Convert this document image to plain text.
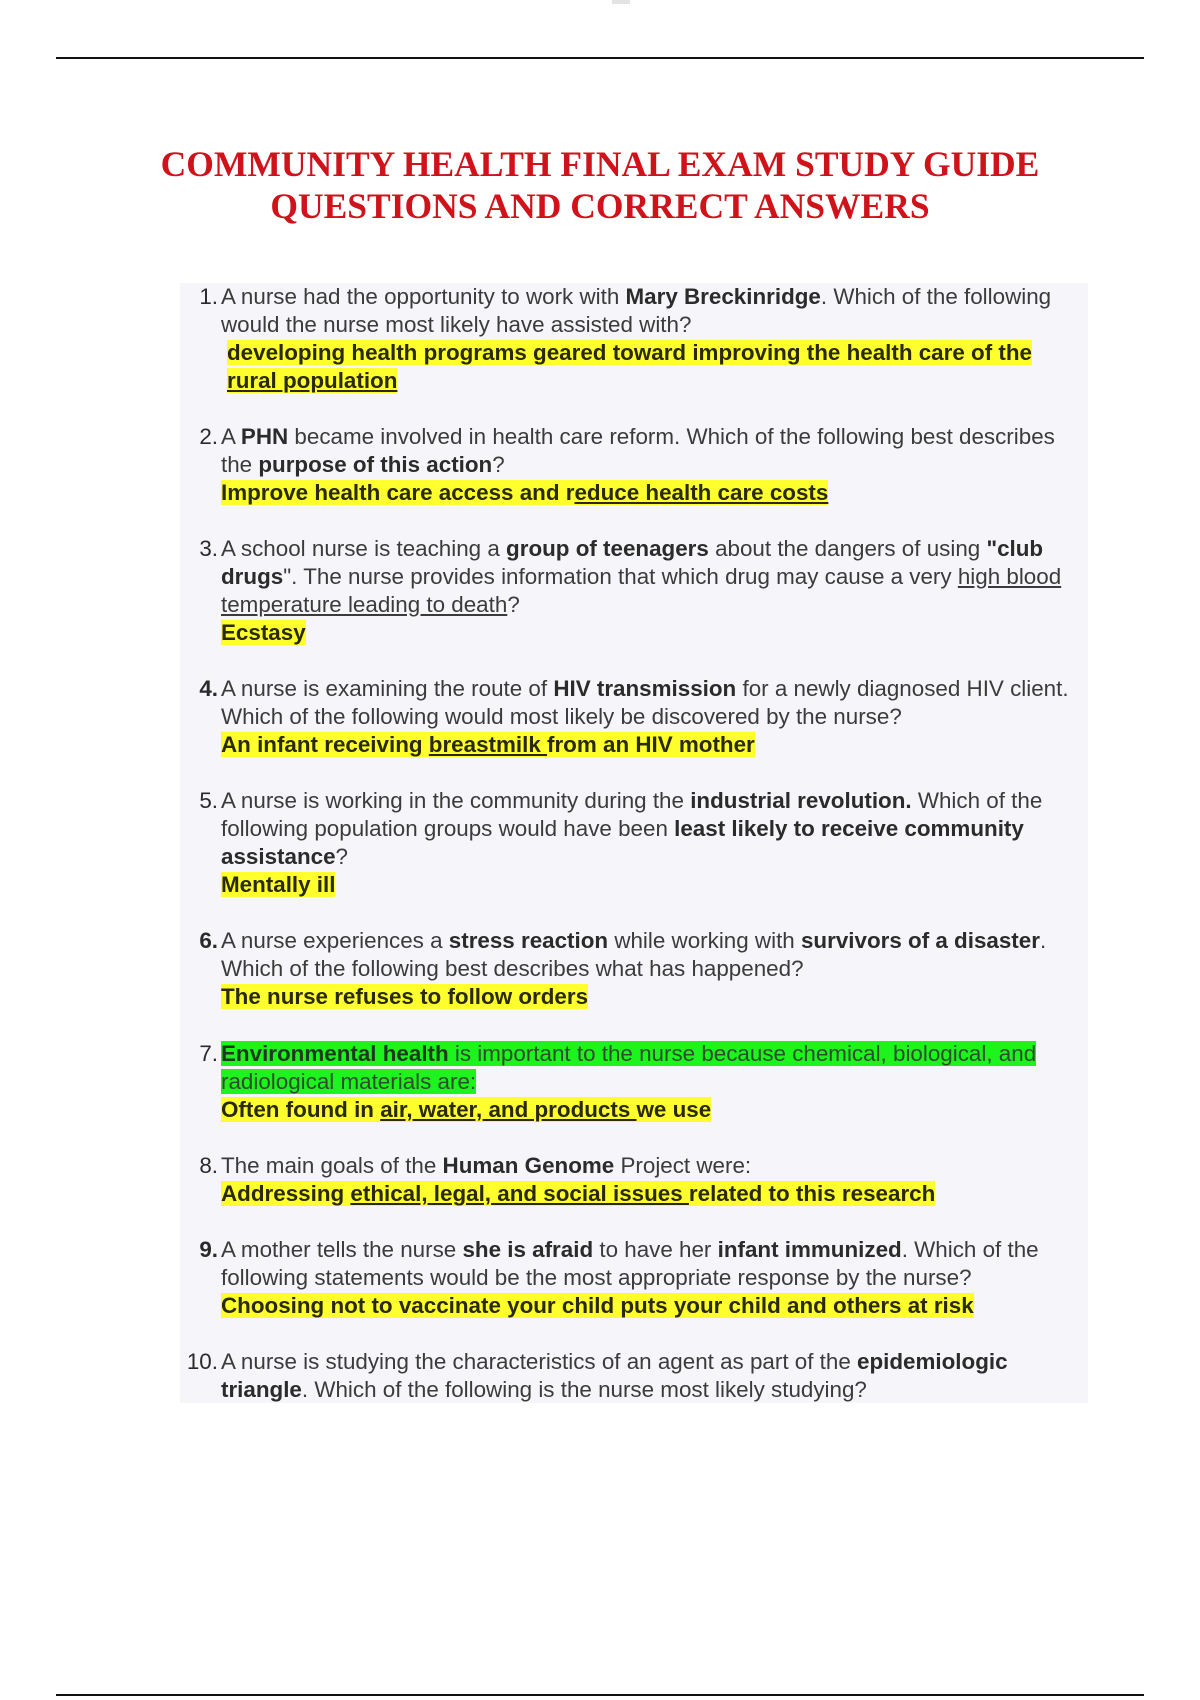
COMMUNITY HEALTH FINAL EXAM STUDY GUIDE
QUESTIONS AND CORRECT ANSWERS
1. A nurse had the opportunity to work with Mary Breckinridge. Which of the following would the nurse most likely have assisted with?
developing health programs geared toward improving the health care of the rural population
2. A PHN became involved in health care reform. Which of the following best describes the purpose of this action?
Improve health care access and reduce health care costs
3. A school nurse is teaching a group of teenagers about the dangers of using "club drugs". The nurse provides information that which drug may cause a very high blood temperature leading to death?
Ecstasy
4. A nurse is examining the route of HIV transmission for a newly diagnosed HIV client. Which of the following would most likely be discovered by the nurse?
An infant receiving breastmilk from an HIV mother
5. A nurse is working in the community during the industrial revolution. Which of the following population groups would have been least likely to receive community assistance?
Mentally ill
6. A nurse experiences a stress reaction while working with survivors of a disaster. Which of the following best describes what has happened?
The nurse refuses to follow orders
7. Environmental health is important to the nurse because chemical, biological, and radiological materials are:
Often found in air, water, and products we use
8. The main goals of the Human Genome Project were:
Addressing ethical, legal, and social issues related to this research
9. A mother tells the nurse she is afraid to have her infant immunized. Which of the following statements would be the most appropriate response by the nurse?
Choosing not to vaccinate your child puts your child and others at risk
10. A nurse is studying the characteristics of an agent as part of the epidemiologic triangle. Which of the following is the nurse most likely studying?
